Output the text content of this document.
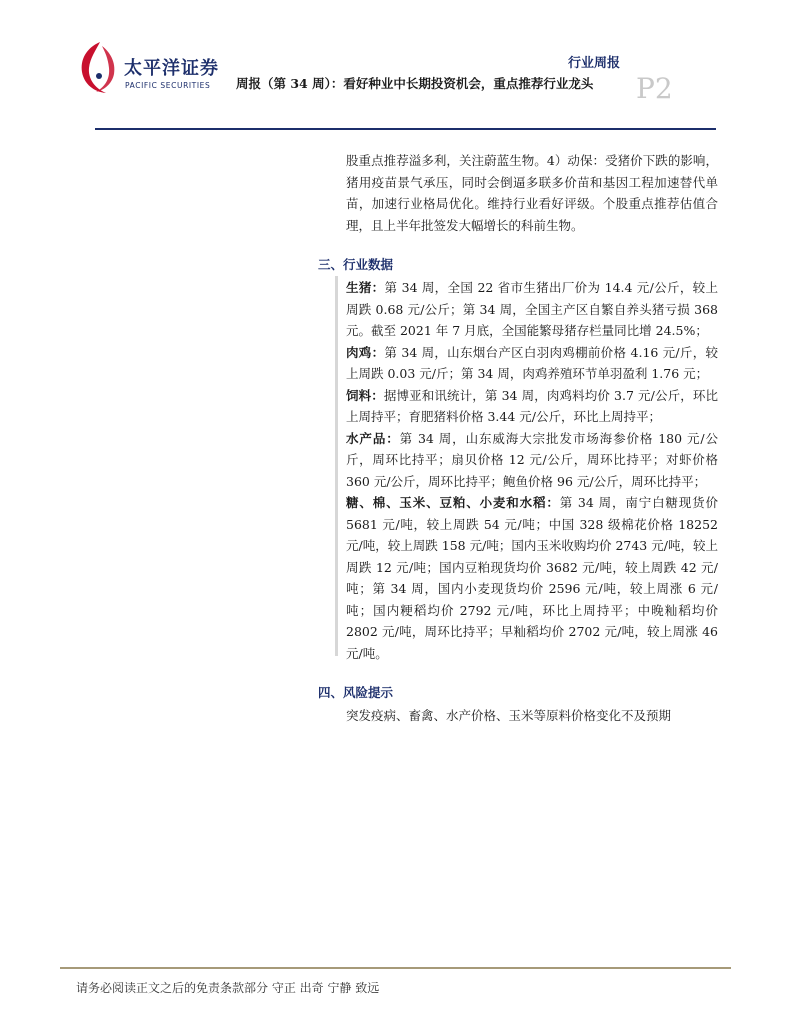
太平洋证券
PACIFIC SECURITIES
行业周报
周报（第 34 周）：看好种业中长期投资机会，重点推荐行业龙头 P2

股重点推荐溢多利，关注蔚蓝生物。4）动保：受猪价下跌的影响，猪用疫苗景气承压，同时会倒逼多联多价苗和基因工程加速替代单苗，加速行业格局优化。维持行业看好评级。个股重点推荐估值合理，且上半年批签发大幅增长的科前生物。

三、行业数据

生猪：第 34 周，全国 22 省市生猪出厂价为 14.4 元/公斤，较上周跌 0.68 元/公斤；第 34 周，全国主产区自繁自养头猪亏损 368 元。截至 2021 年 7 月底，全国能繁母猪存栏量同比增 24.5%；

肉鸡：第 34 周，山东烟台产区白羽肉鸡棚前价格 4.16 元/斤，较上周跌 0.03 元/斤；第 34 周，肉鸡养殖环节单羽盈利 1.76 元；

饲料：据博亚和讯统计，第 34 周，肉鸡料均价 3.7 元/公斤，环比上周持平；育肥猪料价格 3.44 元/公斤，环比上周持平；

水产品：第 34 周，山东威海大宗批发市场海参价格 180 元/公斤，周环比持平；扇贝价格 12 元/公斤，周环比持平；对虾价格 360 元/公斤，周环比持平；鲍鱼价格 96 元/公斤，周环比持平；

糖、棉、玉米、豆粕、小麦和水稻：第 34 周，南宁白糖现货价 5681 元/吨，较上周跌 54 元/吨；中国 328 级棉花价格 18252 元/吨，较上周跌 158 元/吨；国内玉米收购均价 2743 元/吨，较上周跌 12 元/吨；国内豆粕现货均价 3682 元/吨，较上周跌 42 元/吨；第 34 周，国内小麦现货均价 2596 元/吨，较上周涨 6 元/吨；国内粳稻均价 2792 元/吨，环比上周持平；中晚籼稻均价 2802 元/吨，周环比持平；早籼稻均价 2702 元/吨，较上周涨 46 元/吨。

四、风险提示

突发疫病、畜禽、水产价格、玉米等原料价格变化不及预期

请务必阅读正文之后的免责条款部分 守正 出奇 宁静 致远
